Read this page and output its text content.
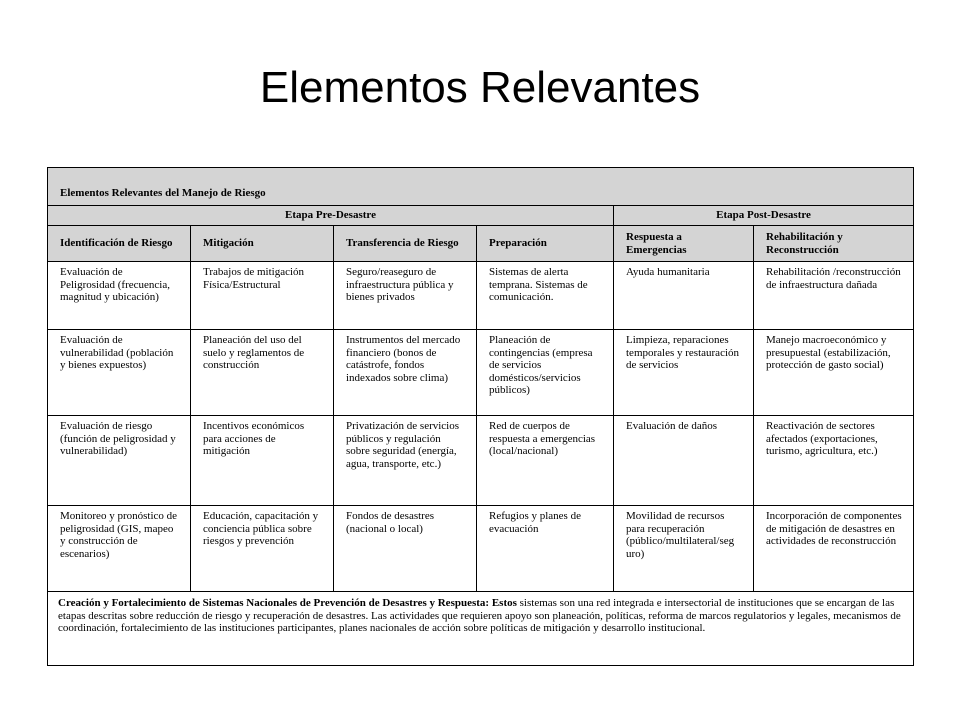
Elementos Relevantes
Elementos Relevantes del Manejo de Riesgo					
Etapa Pre-Desastre				Etapa Post-Desastre	
Identificación de Riesgo	Mitigación	Transferencia de Riesgo	Preparación	Respuesta a Emergencias	Rehabilitación y Reconstrucción
Evaluación de Peligrosidad (frecuencia, magnitud y ubicación)	Trabajos de mitigación Física/Estructural	Seguro/reaseguro de infraestructura pública y bienes privados	Sistemas de alerta temprana. Sistemas de comunicación.	Ayuda humanitaria	Rehabilitación /reconstrucción de infraestructura dañada
Evaluación de vulnerabilidad (población y bienes expuestos)	Planeación del uso del suelo y reglamentos de construcción	Instrumentos del mercado financiero (bonos de catástrofe, fondos indexados sobre clima)	Planeación de contingencias (empresa de servicios domésticos/servicios públicos)	Limpieza, reparaciones temporales y restauración de servicios	Manejo macroeconómico y presupuestal (estabilización, protección de gasto social)
Evaluación de riesgo (función de peligrosidad y vulnerabilidad)	Incentivos económicos para acciones de mitigación	Privatización de servicios públicos y regulación sobre seguridad (energía, agua, transporte, etc.)	Red de cuerpos de respuesta a emergencias (local/nacional)	Evaluación de daños	Reactivación de sectores afectados (exportaciones, turismo, agricultura, etc.)
Monitoreo y pronóstico de peligrosidad (GIS, mapeo y construcción de escenarios)	Educación, capacitación y conciencia pública sobre riesgos y prevención	Fondos de desastres (nacional o local)	Refugios y planes de evacuación	Movilidad de recursos para recuperación (público/multilateral/seg uro)	Incorporación de componentes de mitigación de desastres en actividades de reconstrucción
Creación y Fortalecimiento de Sistemas Nacionales de Prevención de Desastres y Respuesta: Estos sistemas son una red integrada e intersectorial de instituciones que se encargan de las etapas descritas sobre reducción de riesgo y recuperación de desastres. Las actividades que requieren apoyo son planeación, políticas, reforma de marcos regulatorios y legales, mecanismos de coordinación, fortalecimiento de las instituciones participantes, planes nacionales de acción sobre políticas de mitigación y desarrollo institucional.					
